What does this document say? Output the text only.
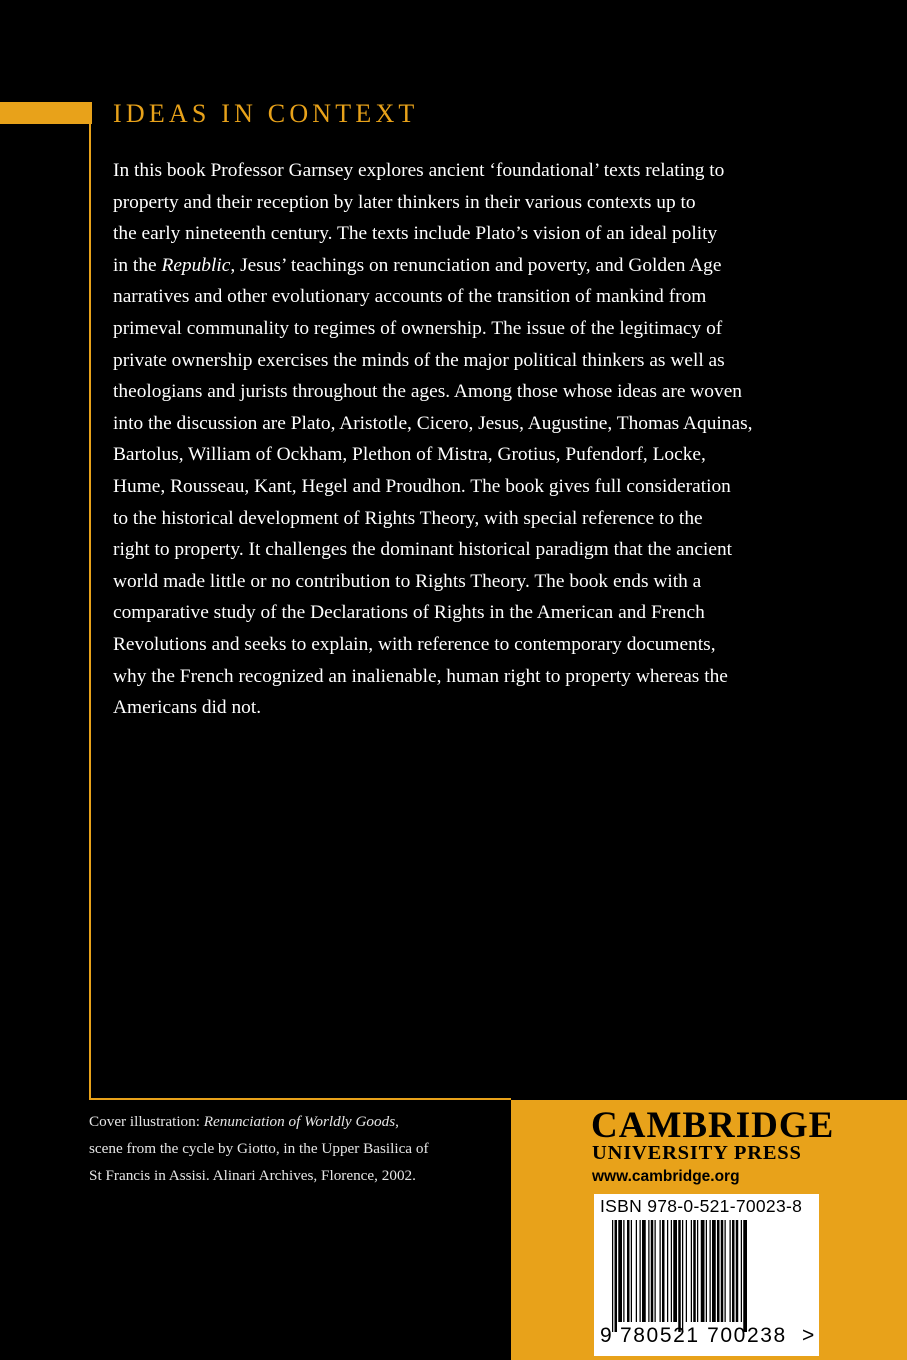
IDEAS IN CONTEXT
In this book Professor Garnsey explores ancient ‘foundational’ texts relating to
property and their reception by later thinkers in their various contexts up to
the early nineteenth century. The texts include Plato’s vision of an ideal polity
in the Republic, Jesus’ teachings on renunciation and poverty, and Golden Age
narratives and other evolutionary accounts of the transition of mankind from
primeval communality to regimes of ownership. The issue of the legitimacy of
private ownership exercises the minds of the major political thinkers as well as
theologians and jurists throughout the ages. Among those whose ideas are woven
into the discussion are Plato, Aristotle, Cicero, Jesus, Augustine, Thomas Aquinas,
Bartolus, William of Ockham, Plethon of Mistra, Grotius, Pufendorf, Locke,
Hume, Rousseau, Kant, Hegel and Proudhon. The book gives full consideration
to the historical development of Rights Theory, with special reference to the
right to property. It challenges the dominant historical paradigm that the ancient
world made little or no contribution to Rights Theory. The book ends with a
comparative study of the Declarations of Rights in the American and French
Revolutions and seeks to explain, with reference to contemporary documents,
why the French recognized an inalienable, human right to property whereas the
Americans did not.
Cover illustration: Renunciation of Worldly Goods,
scene from the cycle by Giotto, in the Upper Basilica of
St Francis in Assisi. Alinari Archives, Florence, 2002.
CAMBRIDGE
UNIVERSITY PRESS
www.cambridge.org
ISBN 978-0-521-70023-8
9 780521 700238 >
